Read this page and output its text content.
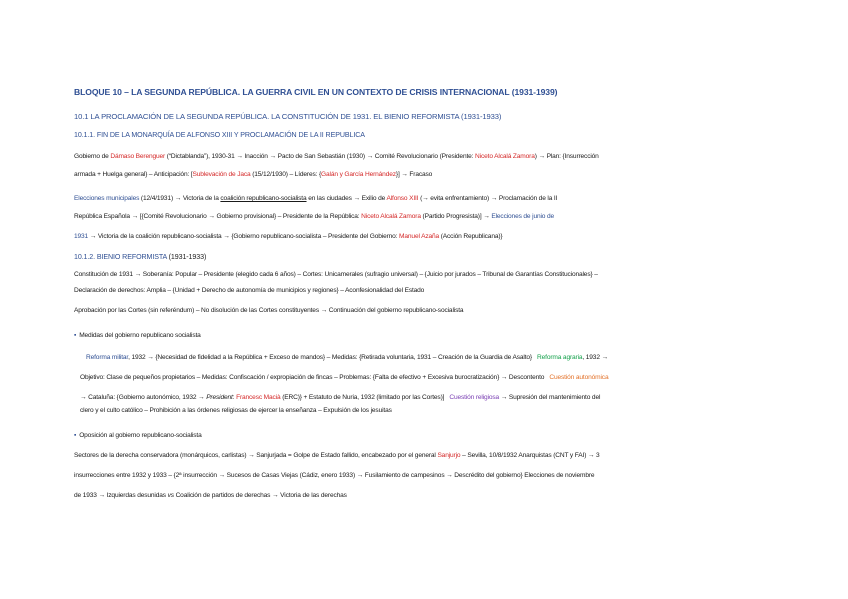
BLOQUE 10 – LA SEGUNDA REPÚBLICA. LA GUERRA CIVIL EN UN CONTEXTO DE CRISIS INTERNACIONAL (1931-1939)
10.1 LA PROCLAMACIÓN DE LA SEGUNDA REPÚBLICA. LA CONSTITUCIÓN DE 1931. EL BIENIO REFORMISTA (1931-1933)
10.1.1. FIN DE LA MONARQUÍA DE ALFONSO XIII Y PROCLAMACIÓN DE LA II REPUBLICA
Gobierno de Dámaso Berenguer (“Dictablanda”), 1930-31 → Inacción → Pacto de San Sebastián (1930) → Comité Revolucionario (Presidente: Niceto Alcalá Zamora) → Plan: {Insurrección
armada + Huelga general} – Anticipación: [Sublevación de Jaca (15/12/1930) – Líderes: {Galán y García Hernández}] → Fracaso
Elecciones municipales (12/4/1931) → Victoria de la coalición republicano-socialista en las ciudades → Exilio de Alfonso XIII (→ evita enfrentamiento) → Proclamación de la II
República Española → [{Comité Revolucionario → Gobierno provisional} – Presidente de la República: Niceto Alcalá Zamora (Partido Progresista)] → Elecciones de junio de
1931 → Victoria de la coalición republicano-socialista → {Gobierno republicano-socialista – Presidente del Gobierno: Manuel Azaña (Acción Republicana)}
10.1.2. BIENIO REFORMISTA (1931-1933)
Constitución de 1931 → Soberanía: Popular – Presidente (elegido cada 6 años) – Cortes: Unicamerales (sufragio universal) – {Juicio por jurados – Tribunal de Garantías Constitucionales} –
Declaración de derechos: Amplia – {Unidad + Derecho de autonomía de municipios y regiones} – Aconfesionalidad del Estado
Aprobación por las Cortes (sin referéndum) – No disolución de las Cortes constituyentes → Continuación del gobierno republicano-socialista
▪ Medidas del gobierno republicano socialista
Reforma militar, 1932 → {Necesidad de fidelidad a la República + Exceso de mandos} – Medidas: {Retirada voluntaria, 1931 – Creación de la Guardia de Asalto} Reforma agraria, 1932 →
Objetivo: Clase de pequeños propietarios – Medidas: Confiscación / expropiación de fincas – Problemas: {Falta de efectivo + Excesiva burocratización} → Descontento Cuestión autonómica
→ Cataluña: {Gobierno autonómico, 1932 → President: Francesc Macià (ERC)} + Estatuto de Nuria, 1932 (limitado por las Cortes)] Cuestión religiosa → Supresión del mantenimiento del
clero y el culto católico – Prohibición a las órdenes religiosas de ejercer la enseñanza – Expulsión de los jesuitas
▪ Oposición al gobierno republicano-socialista
Sectores de la derecha conservadora (monárquicos, carlistas) → Sanjurjada = Golpe de Estado fallido, encabezado por el general Sanjurjo – Sevilla, 10/8/1932 Anarquistas (CNT y FAI) → 3
insurrecciones entre 1932 y 1933 – {2ª insurrección → Sucesos de Casas Viejas (Cádiz, enero 1933) → Fusilamiento de campesinos → Descrédito del gobierno} Elecciones de noviembre
de 1933 → Izquierdas desunidas vs Coalición de partidos de derechas → Victoria de las derechas
